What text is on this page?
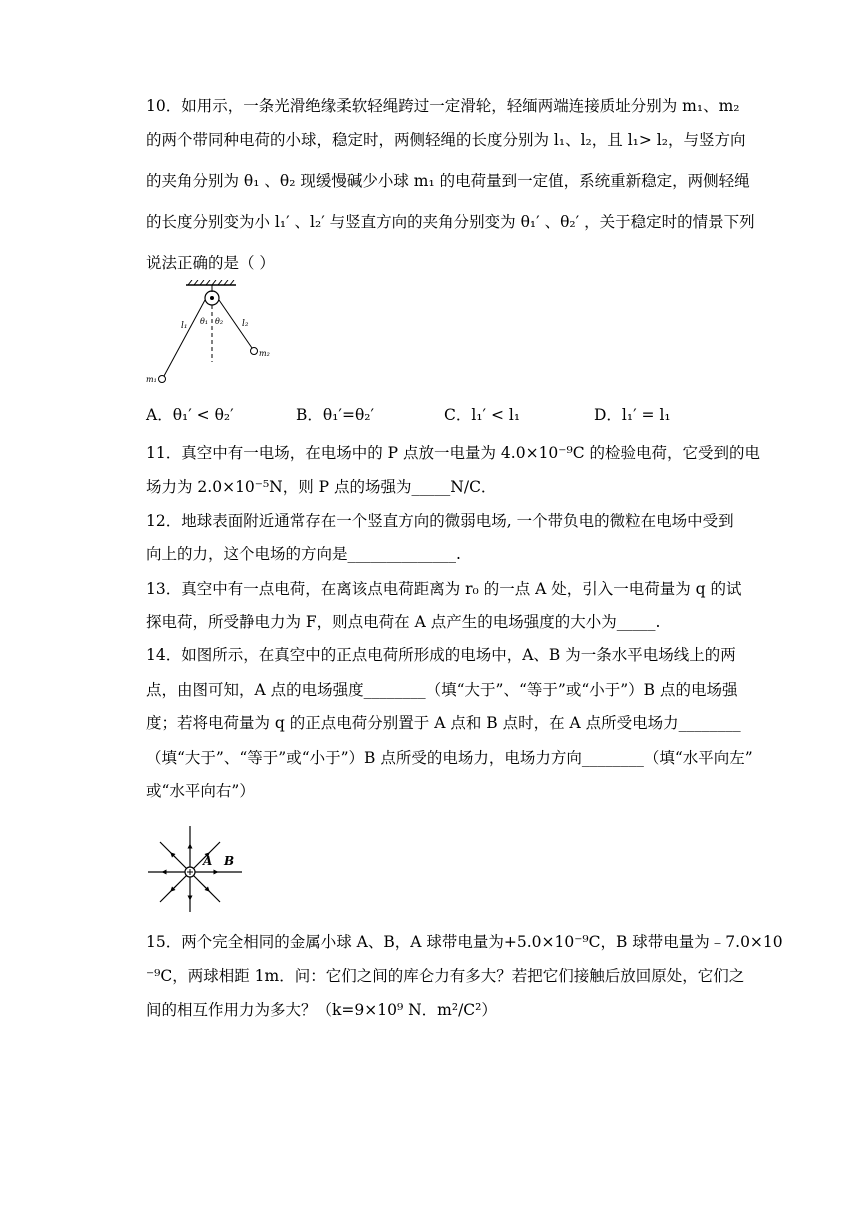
10．如用示，一条光滑绝缘柔软轻绳跨过一定滑轮，轻缅两端连接质址分别为 m₁、m₂
的两个带同种电荷的小球，稳定时，两侧轻绳的长度分别为 l₁、l₂，且 l₁> l₂，与竖方向
的夹角分别为 θ₁ 、θ₂ 现缓慢碱少小球 m₁ 的电荷量到一定值，系统重新稳定，两侧轻绳
的长度分别变为小 l₁′ 、l₂′ 与竖直方向的夹角分别变为 θ₁′ 、θ₂′ ，关于稳定时的情景下列
说法正确的是（ ）
l₁	l₂
θ₁ θ₂
m₁
m₂
A．θ₁′ < θ₂′	B．θ₁′=θ₂′	C．l₁′ < l₁	D．l₁′ = l₁
11．真空中有一电场，在电场中的 P 点放一电量为 4.0×10⁻⁹C 的检验电荷，它受到的电
场力为 2.0×10⁻⁵N，则 P 点的场强为_____N/C．
12．地球表面附近通常存在一个竖直方向的微弱电场, 一个带负电的微粒在电场中受到
向上的力，这个电场的方向是______________.
13．真空中有一点电荷，在离该点电荷距离为 r₀ 的一点 A 处，引入一电荷量为 q 的试
探电荷，所受静电力为 F，则点电荷在 A 点产生的电场强度的大小为_____.
14．如图所示，在真空中的正点电荷所形成的电场中，A、B 为一条水平电场线上的两
点，由图可知，A 点的电场强度________（填“大于”、“等于”或“小于”）B 点的电场强
度；若将电荷量为 q 的正点电荷分别置于 A 点和 B 点时，在 A 点所受电场力________
（填“大于”、“等于”或“小于”）B 点所受的电场力，电场力方向________（填“水平向左”
或“水平向右”）
A B
15．两个完全相同的金属小球 A、B，A 球带电量为+5.0×10⁻⁹C，B 球带电量为﹣7.0×10
⁻⁹C，两球相距 1m．问：它们之间的库仑力有多大？若把它们接触后放回原处，它们之
间的相互作用力为多大？（k=9×10⁹ N．m²/C²）
